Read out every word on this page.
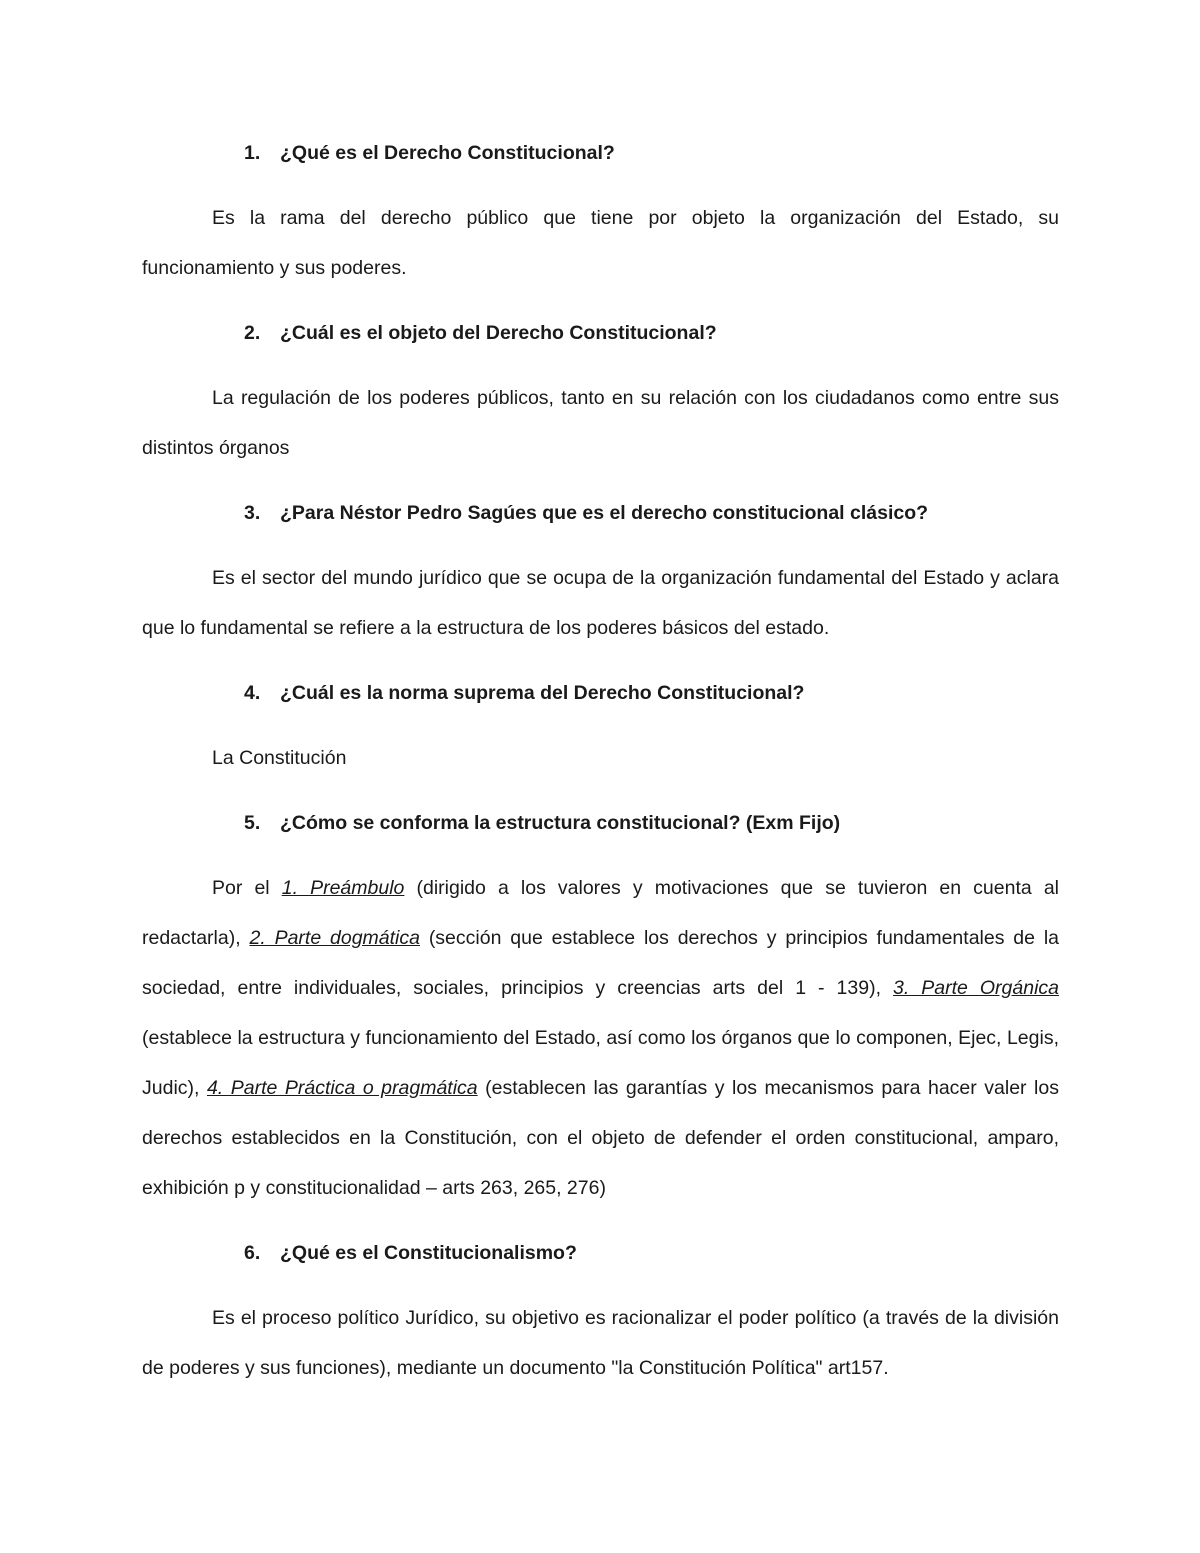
1. ¿Qué es el Derecho Constitucional?

Es la rama del derecho público que tiene por objeto la organización del Estado, su funcionamiento y sus poderes.

2. ¿Cuál es el objeto del Derecho Constitucional?

La regulación de los poderes públicos, tanto en su relación con los ciudadanos como entre sus distintos órganos

3. ¿Para Néstor Pedro Sagúes que es el derecho constitucional clásico?

Es el sector del mundo jurídico que se ocupa de la organización fundamental del Estado y aclara que lo fundamental se refiere a la estructura de los poderes básicos del estado.

4. ¿Cuál es la norma suprema del Derecho Constitucional?

La Constitución

5. ¿Cómo se conforma la estructura constitucional? (Exm Fijo)

Por el 1. Preámbulo (dirigido a los valores y motivaciones que se tuvieron en cuenta al redactarla), 2. Parte dogmática (sección que establece los derechos y principios fundamentales de la sociedad, entre individuales, sociales, principios y creencias arts del 1 - 139), 3. Parte Orgánica (establece la estructura y funcionamiento del Estado, así como los órganos que lo componen, Ejec, Legis, Judic), 4. Parte Práctica o pragmática (establecen las garantías y los mecanismos para hacer valer los derechos establecidos en la Constitución, con el objeto de defender el orden constitucional, amparo, exhibición p y constitucionalidad – arts 263, 265, 276)

6. ¿Qué es el Constitucionalismo?

Es el proceso político Jurídico, su objetivo es racionalizar el poder político (a través de la división de poderes y sus funciones), mediante un documento "la Constitución Política" art157.
